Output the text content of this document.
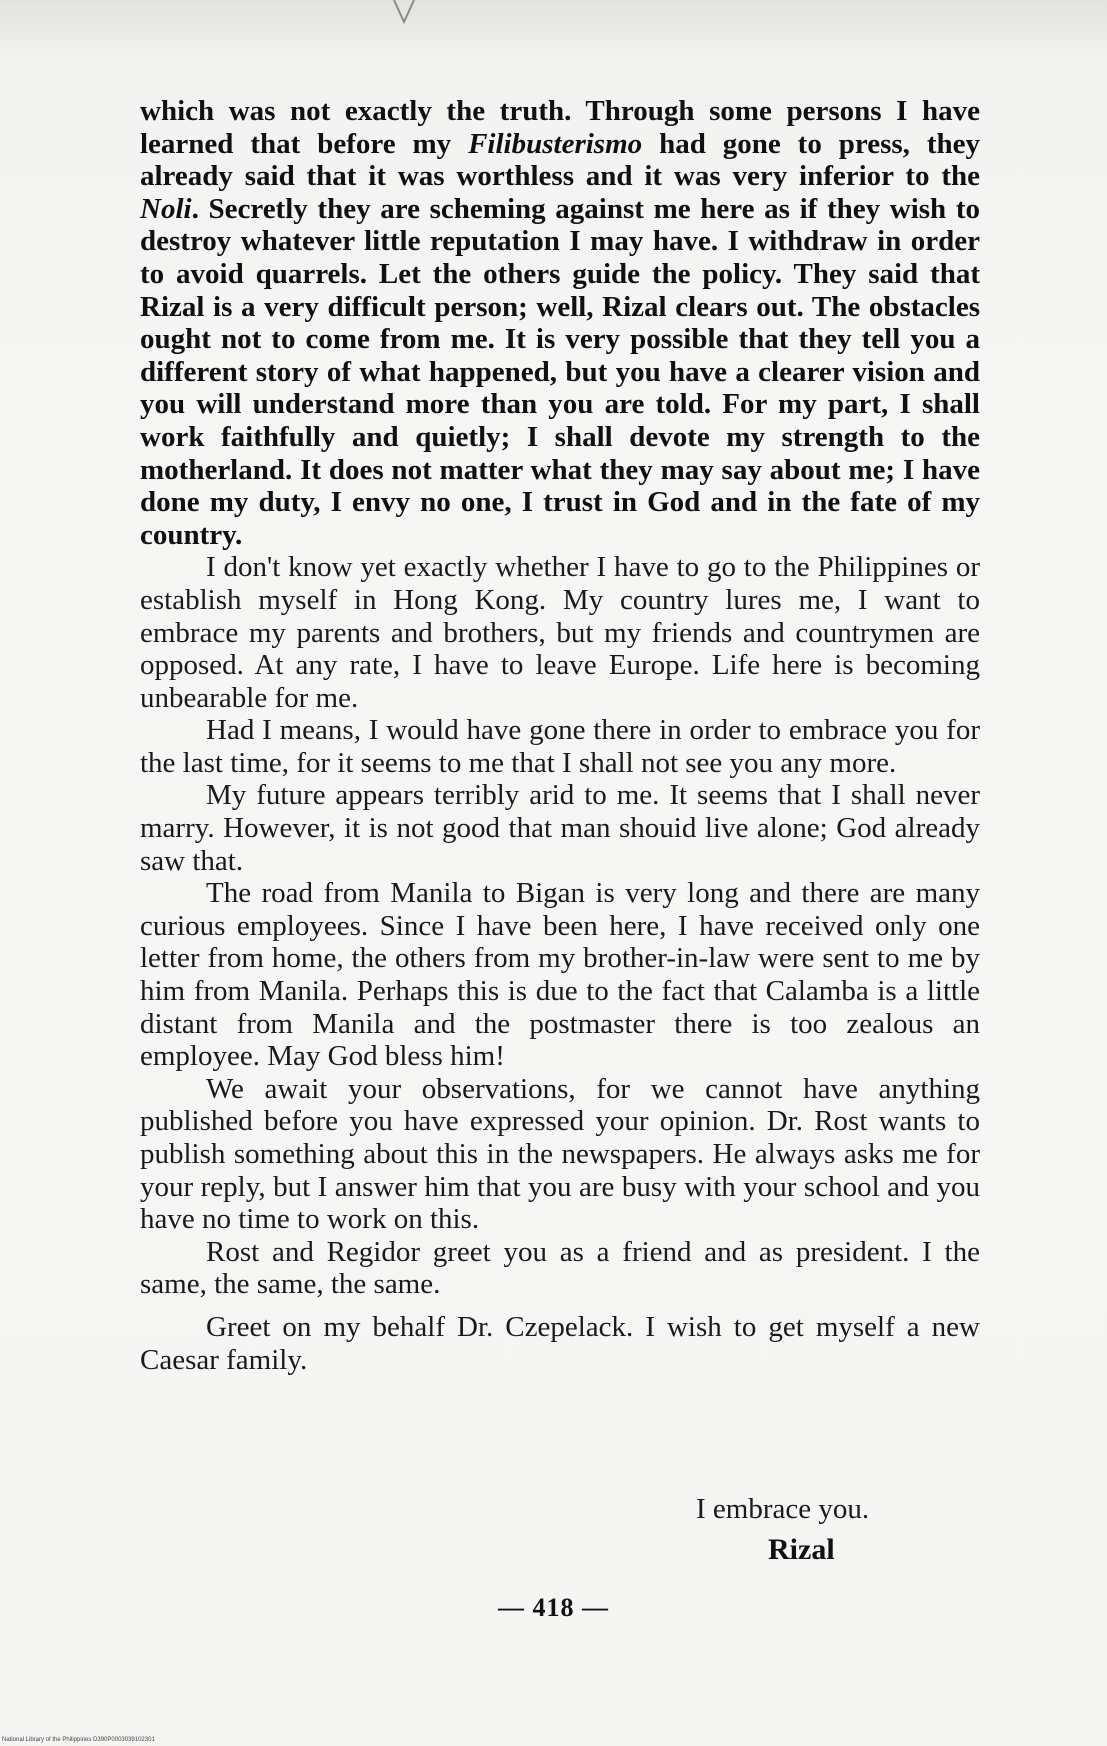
which was not exactly the truth. Through some persons I have learned that before my Filibusterismo had gone to press, they already said that it was worthless and it was very inferior to the Noli. Secretly they are scheming against me here as if they wish to destroy whatever little reputation I may have. I withdraw in order to avoid quarrels. Let the others guide the policy. They said that Rizal is a very difficult person; well, Rizal clears out. The obstacles ought not to come from me. It is very possible that they tell you a different story of what happened, but you have a clearer vision and you will understand more than you are told. For my part, I shall work faithfully and quietly; I shall devote my strength to the motherland. It does not matter what they may say about me; I have done my duty, I envy no one, I trust in God and in the fate of my country.

I don't know yet exactly whether I have to go to the Philippines or establish myself in Hong Kong. My country lures me, I want to embrace my parents and brothers, but my friends and countrymen are opposed. At any rate, I have to leave Europe. Life here is becoming unbearable for me.

Had I means, I would have gone there in order to embrace you for the last time, for it seems to me that I shall not see you any more.

My future appears terribly arid to me. It seems that I shall never marry. However, it is not good that man shouid live alone; God already saw that.

The road from Manila to Bigan is very long and there are many curious employees. Since I have been here, I have received only one letter from home, the others from my brother-in-law were sent to me by him from Manila. Perhaps this is due to the fact that Calamba is a little distant from Manila and the postmaster there is too zealous an employee. May God bless him!

We await your observations, for we cannot have anything published before you have expressed your opinion. Dr. Rost wants to publish something about this in the newspapers. He always asks me for your reply, but I answer him that you are busy with your school and you have no time to work on this.

Rost and Regidor greet you as a friend and as president. I the same, the same, the same.

Greet on my behalf Dr. Czepelack. I wish to get myself a new Caesar family.

I embrace you.
Rizal
— 418 —
National Library of the Philippines D390P0003039102301
